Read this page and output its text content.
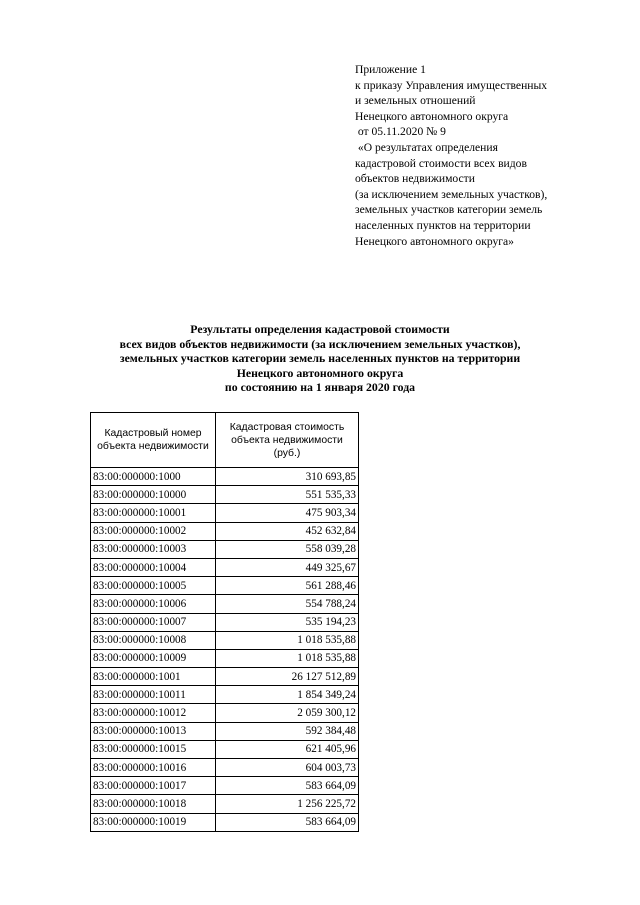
Приложение 1
к приказу Управления имущественных
и земельных отношений
Ненецкого автономного округа
от 05.11.2020 № 9
«О результатах определения
кадастровой стоимости всех видов
объектов недвижимости
(за исключением земельных участков),
земельных участков категории земель
населенных пунктов на территории
Ненецкого автономного округа»
Результаты определения кадастровой стоимости
всех видов объектов недвижимости (за исключением земельных участков),
земельных участков категории земель населенных пунктов на территории
Ненецкого автономного округа
по состоянию на 1 января 2020 года
Кадастровый номер объекта недвижимости	Кадастровая стоимость объекта недвижимости (руб.)
83:00:000000:1000	310 693,85
83:00:000000:10000	551 535,33
83:00:000000:10001	475 903,34
83:00:000000:10002	452 632,84
83:00:000000:10003	558 039,28
83:00:000000:10004	449 325,67
83:00:000000:10005	561 288,46
83:00:000000:10006	554 788,24
83:00:000000:10007	535 194,23
83:00:000000:10008	1 018 535,88
83:00:000000:10009	1 018 535,88
83:00:000000:1001	26 127 512,89
83:00:000000:10011	1 854 349,24
83:00:000000:10012	2 059 300,12
83:00:000000:10013	592 384,48
83:00:000000:10015	621 405,96
83:00:000000:10016	604 003,73
83:00:000000:10017	583 664,09
83:00:000000:10018	1 256 225,72
83:00:000000:10019	583 664,09
